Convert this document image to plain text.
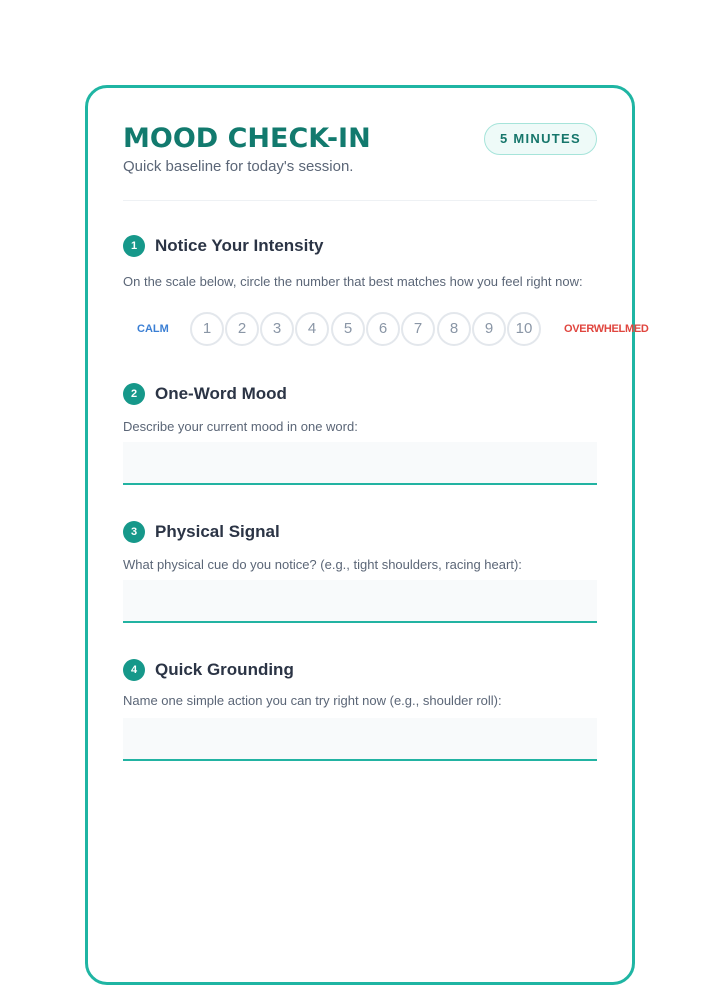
MOOD CHECK-IN
Quick baseline for today's session.
5 MINUTES
1	Notice Your Intensity
On the scale below, circle the number that best matches how you feel right now:
CALM	1	2	3	4	5	6	7	8	9	10	OVERWHELMED
2	One-Word Mood
Describe your current mood in one word:
3	Physical Signal
What physical cue do you notice? (e.g., tight shoulders, racing heart):
4	Quick Grounding
Name one simple action you can try right now (e.g., shoulder roll):
